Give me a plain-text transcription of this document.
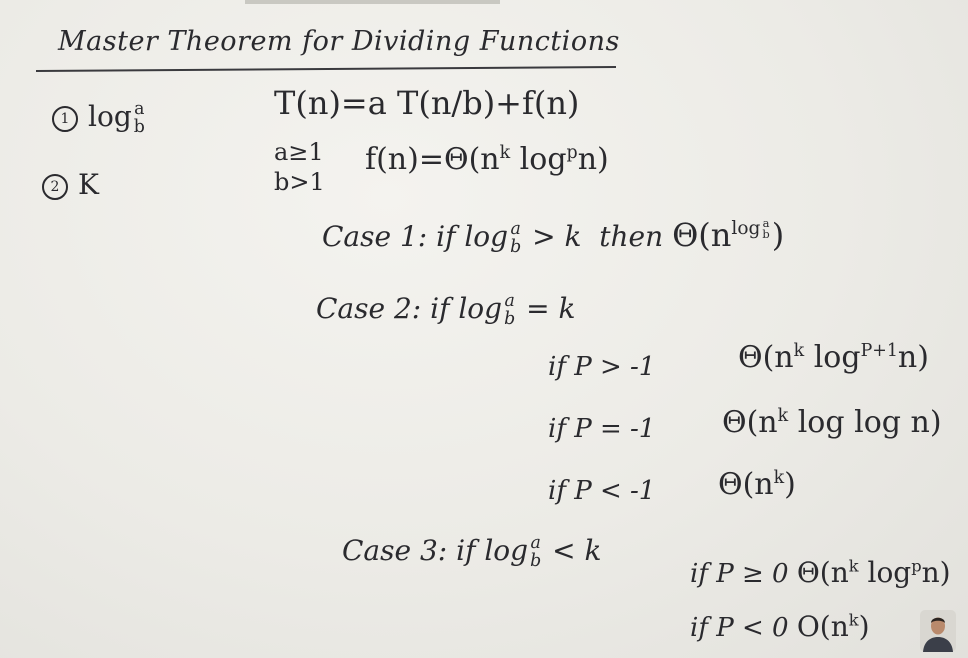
Master Theorem for Dividing Functions
1 log a
b
2 K
T(n)=a T(n/b)+f(n)
a≥1
b>1
$f(n)=\Theta(n^k$ $\log^pn$)
Case 1: if log a
b > k then $\Theta(n^{log a b}$ )
Case 2: if log a
b = k
if P > -1	$\Theta(n^k$ $\log^{P+1}n$)
if P = -1 $\Theta(n^k$ log log n)
if P < -1 $\Theta(n^k)$
Case 3: if log a
b < k
if P ≥ 0 $\Theta(n^k$ $\log^pn$)
if P < 0 $O(n^k)$
